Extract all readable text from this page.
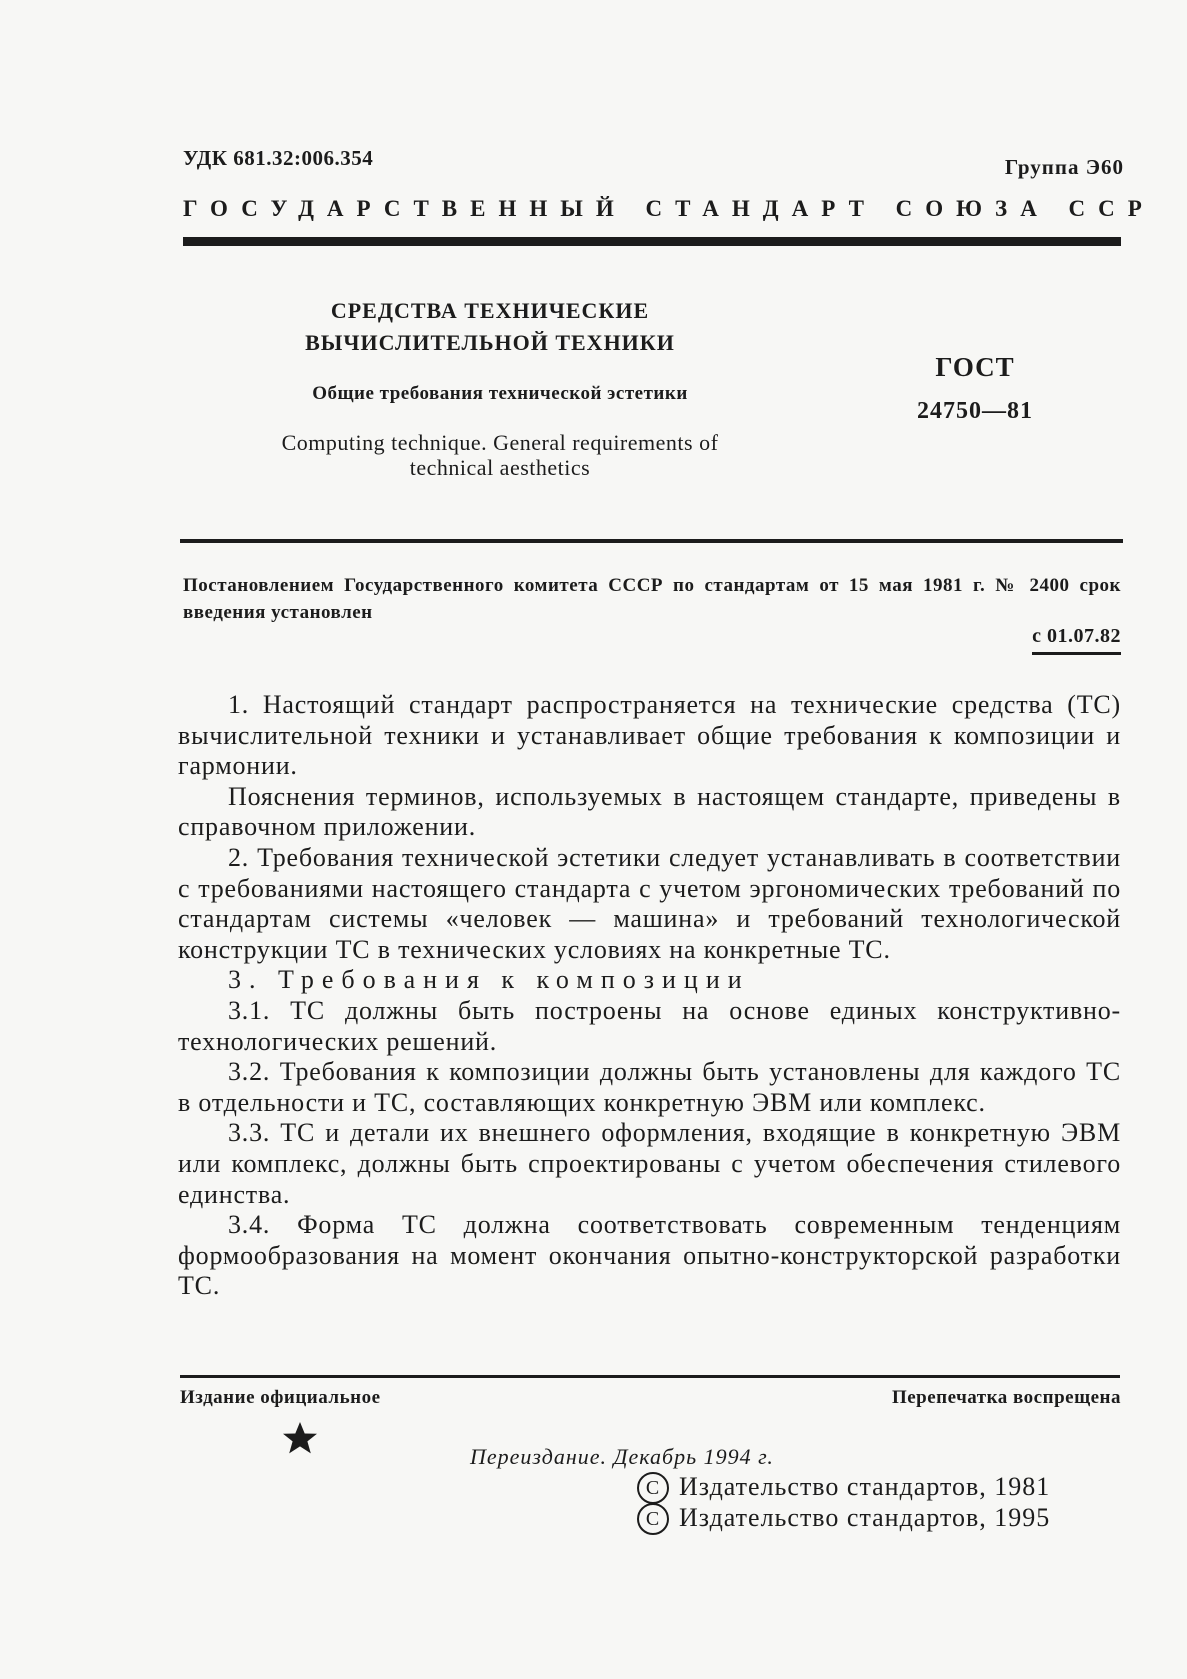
УДК 681.32:006.354	Группа Э60
ГОСУДАРСТВЕННЫЙ СТАНДАРТ СОЮЗА ССР
СРЕДСТВА ТЕХНИЧЕСКИЕ
ВЫЧИСЛИТЕЛЬНОЙ ТЕХНИКИ
Общие требования технической эстетики
Computing technique. General requirements of
technical aesthetics
ГОСТ
24750—81
Постановлением Государственного комитета СССР по стандартам от 15 мая 1981 г. № 2400 срок введения установлен
с 01.07.82

1. Настоящий стандарт распространяется на технические средства (ТС) вычислительной техники и устанавливает общие требования к композиции и гармонии.

Пояснения терминов, используемых в настоящем стандарте, приведены в справочном приложении.

2. Требования технической эстетики следует устанавливать в соответствии с требованиями настоящего стандарта с учетом эргономических требований по стандартам системы «человек — машина» и требований технологической конструкции ТС в технических условиях на конкретные ТС.

3. Требования к композиции

3.1. ТС должны быть построены на основе единых конструктивно-технологических решений.

3.2. Требования к композиции должны быть установлены для каждого ТС в отдельности и ТС, составляющих конкретную ЭВМ или комплекс.

3.3. ТС и детали их внешнего оформления, входящие в конкретную ЭВМ или комплекс, должны быть спроектированы с учетом обеспечения стилевого единства.

3.4. Форма ТС должна соответствовать современным тенденциям формообразования на момент окончания опытно-конструкторской разработки ТС.

Издание официальное	Перепечатка воспрещена
Переиздание. Декабрь 1994 г.
C Издательство стандартов, 1981
C Издательство стандартов, 1995
